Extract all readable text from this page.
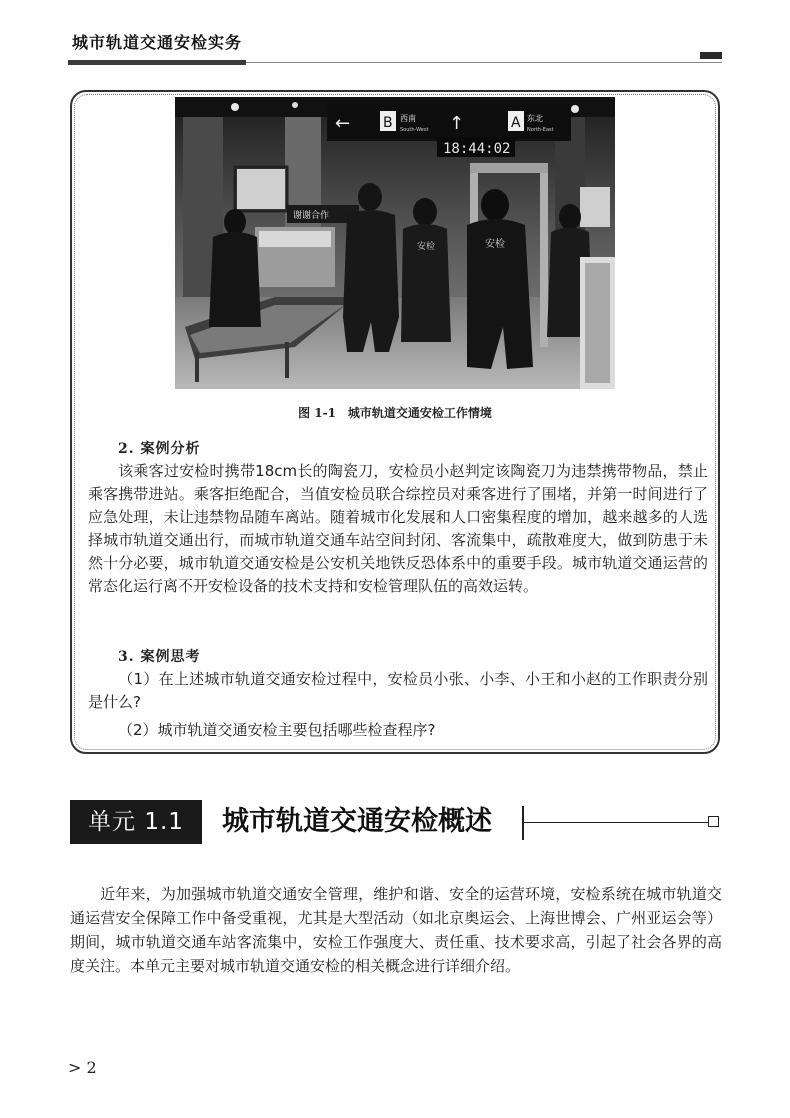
城市轨道交通安检实务
← B 西南
South-West ↑	A 东北
North-East
18:44:02
谢谢合作
安检	安检
图 1-1　城市轨道交通安检工作情境
2. 案例分析
该乘客过安检时携带18cm长的陶瓷刀，安检员小赵判定该陶瓷刀为违禁携带物品，禁止乘客携带进站。乘客拒绝配合，当值安检员联合综控员对乘客进行了围堵，并第一时间进行了应急处理，未让违禁物品随车离站。随着城市化发展和人口密集程度的增加，越来越多的人选择城市轨道交通出行，而城市轨道交通车站空间封闭、客流集中，疏散难度大，做到防患于未然十分必要，城市轨道交通安检是公安机关地铁反恐体系中的重要手段。城市轨道交通运营的常态化运行离不开安检设备的技术支持和安检管理队伍的高效运转。
3. 案例思考
（1）在上述城市轨道交通安检过程中，安检员小张、小李、小王和小赵的工作职责分别是什么?
（2）城市轨道交通安检主要包括哪些检查程序?
单元 1.1	城市轨道交通安检概述
近年来，为加强城市轨道交通安全管理，维护和谐、安全的运营环境，安检系统在城市轨道交通运营安全保障工作中备受重视，尤其是大型活动（如北京奥运会、上海世博会、广州亚运会等）期间，城市轨道交通车站客流集中，安检工作强度大、责任重、技术要求高，引起了社会各界的高度关注。本单元主要对城市轨道交通安检的相关概念进行详细介绍。
> 2
